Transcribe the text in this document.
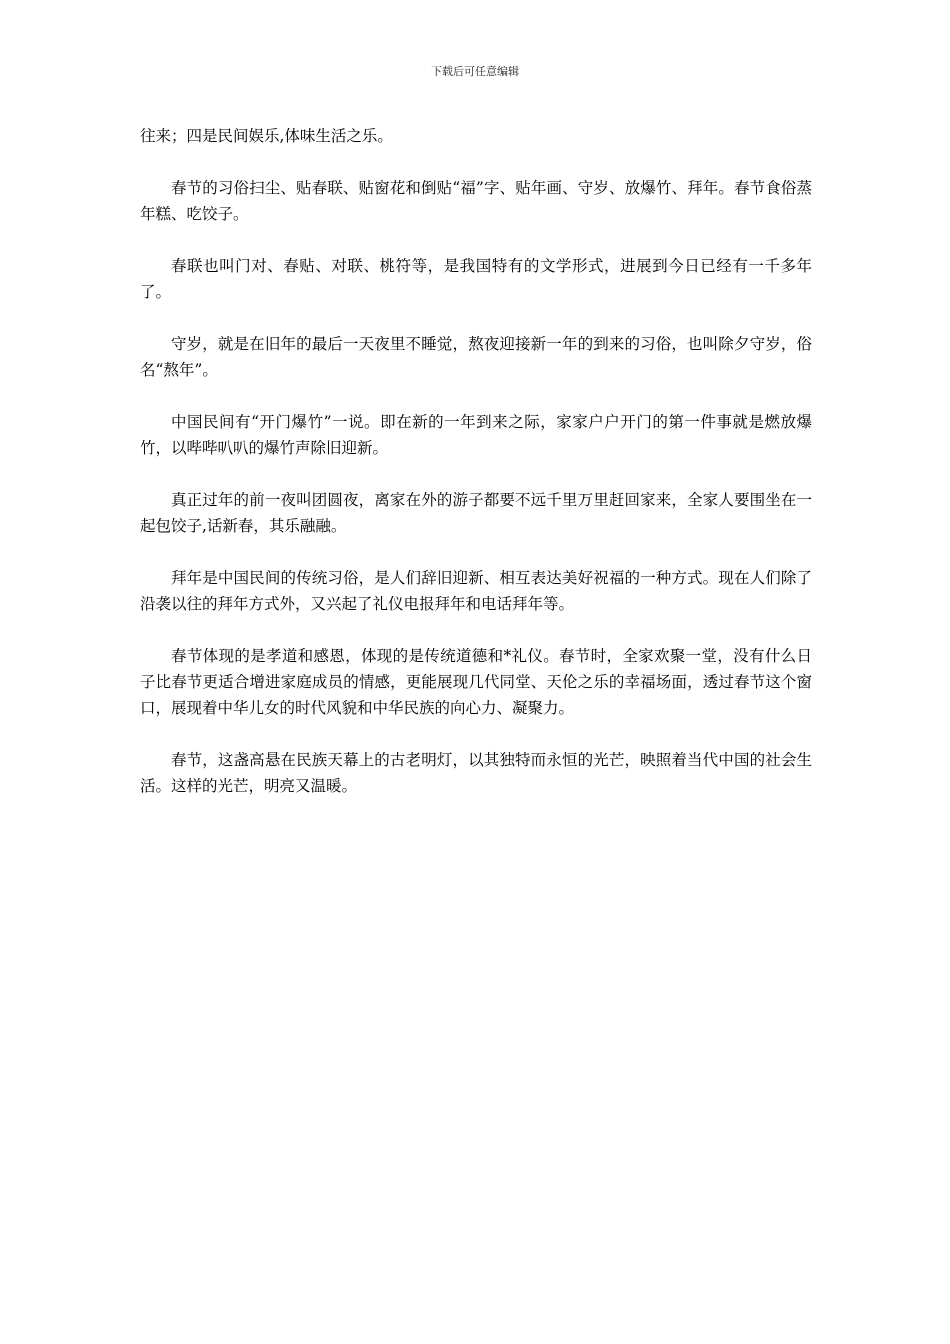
下载后可任意编辑

往来；四是民间娱乐,体味生活之乐。

春节的习俗扫尘、贴春联、贴窗花和倒贴“福”字、贴年画、守岁、放爆竹、拜年。春节食俗蒸年糕、吃饺子。

春联也叫门对、春贴、对联、桃符等，是我国特有的文学形式，进展到今日已经有一千多年了。

守岁，就是在旧年的最后一天夜里不睡觉，熬夜迎接新一年的到来的习俗，也叫除夕守岁，俗名“熬年”。

中国民间有“开门爆竹”一说。即在新的一年到来之际，家家户户开门的第一件事就是燃放爆竹，以哔哔叭叭的爆竹声除旧迎新。

真正过年的前一夜叫团圆夜，离家在外的游子都要不远千里万里赶回家来，全家人要围坐在一起包饺子,话新春，其乐融融。

拜年是中国民间的传统习俗，是人们辞旧迎新、相互表达美好祝福的一种方式。现在人们除了沿袭以往的拜年方式外，又兴起了礼仪电报拜年和电话拜年等。

春节体现的是孝道和感恩，体现的是传统道德和*礼仪。春节时，全家欢聚一堂，没有什么日子比春节更适合增进家庭成员的情感，更能展现几代同堂、天伦之乐的幸福场面，透过春节这个窗口，展现着中华儿女的时代风貌和中华民族的向心力、凝聚力。

春节，这盏高悬在民族天幕上的古老明灯，以其独特而永恒的光芒，映照着当代中国的社会生活。这样的光芒，明亮又温暖。
